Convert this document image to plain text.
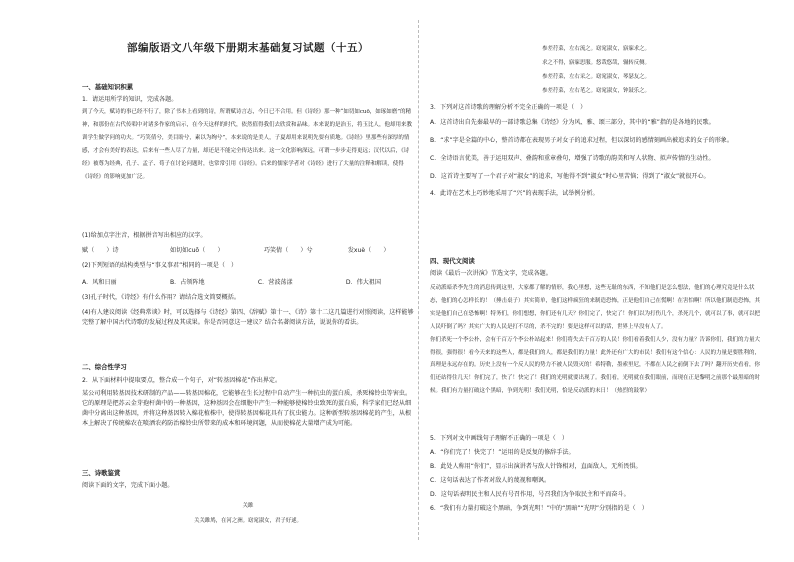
部编版语文八年级下册期末基础复习试题（十五）
一、基础知识积累
1．请运用所学的知识，完成各题。
到了今天，赋诗的事已经不行了，除了书本上看到的诗，所谓赋诗言志，今日已不合用。但《诗经》那一种“如切如cuō，如琢如磨”的精神，和那份在古代传唱中对诸多作家的启示，在今天这样的时代，依然值得我们去欣赏和品味。本来说的是治玉，将玉比人，他却用来教训学生做学问的功夫。“巧笑倩兮，美目盼兮，素以为绚兮”，本来说的是美人，子夏却用来说明先要有质地。《诗经》里那些有深厚的情感，才会有美好的表达，后来有一些人尽了力量，却还是不能完全传达出来。这一文化影响深远，可谓一步步走得更远；汉代以后，《诗经》被尊为经典，孔子、孟子、荀子在讨论问题时，也常常引用《诗经》。后来的儒家学者对《诗经》进行了大量的注释和解读，使得《诗经》的影响更加广泛。
(1)给加点字注音，根据拼音写出相应的汉字。
赋（　　）诗	如切如cuō（　　）	巧笑倩（　　）兮	发xuè（　　）
(2)下列短语的结构类型与“事义事君”相同的一项是（　）
A．风和日丽	B．占领阵地	C．营波荡漾	D．伟大祖国
(3)孔子时代，《诗经》有什么作用？请结合选文简要概括。
(4)有人建议阅读《经典常谈》时，可以选择与《诗经》第四、《辞赋》第十一、《诗》第十二这几篇进行对照阅读，这样能够完整了解中国古代诗歌的发展过程及其成果。你是否同意这一建议？结合名著阅读方法，说说你的看法。
二、综合性学习
2．从下面材料中提取要点，整合成一个句子，对“转基因棉花”作出界定。
某公司利用转基因技术研制的产品——转基因棉花，它能够在生长过程中自动产生一种抗虫的蛋白质，杀死棉铃虫等害虫。它的原理是把苏云金芽孢杆菌中的一种基因，这种基因会在细胞中产生一种能够使棉铃虫致死的蛋白质，科学家们已经从细菌中分离出这种基因，并将这种基因转入棉花植株中，使得转基因棉花具有了抗虫能力。这种新型转基因棉花的产生，从根本上解决了传统棉农在喷洒农药防治棉铃虫所带来的成本和环境问题，从而使棉花大量增产成为可能。
三、诗歌鉴赏
阅读下面的文字，完成下面小题。
关雎
关关雎鸠，在河之洲。窈窕淑女，君子好逑。
参差荇菜，左右流之。窈窕淑女，寤寐求之。
求之不得，寤寐思服。悠哉悠哉，辗转反侧。
参差荇菜，左右采之。窈窕淑女，琴瑟友之。
参差荇菜，左右芼之。窈窕淑女，钟鼓乐之。
3．下列对这首诗歌的理解分析不完全正确的一项是（　）
A．这首诗出自先秦最早的一部诗歌总集《诗经》分为风、雅、颂三部分，其中的“雅”指的是各地的民歌。
B．“求”字是全篇的中心，整首诗都在表现男子对女子的追求过程，但以深切的感情刻画出被追求的女子的形象。
C．全诗语言优美，善于运用双声、叠韵和重章叠句，增强了诗歌的韵美和写人状物、拟声传情的生动性。
D．这首诗主要写了一个君子对“淑女”的追求，写他得不到“淑女”时心里苦恼；得到了“淑女”就很开心。
4．此诗在艺术上巧妙地采用了“兴”的表现手法，试举例分析。
四、现代文阅读
阅读《最后一次讲演》节选文字，完成各题。
反动派暗杀李先生的消息传到这里，大家都了解的情形，我心里想，这些无耻的东西，不知他们是怎么想法，他们的心理究竟是什么状态，他们的心怎样长的！（捶击桌子）其实简单，他们这样疯狂的来制造恐怖，正是他们自己在慌啊！在害怕啊！所以他们制造恐怖，其实是他们自己在恐怖啊！特务们，你们想想，你们还有几天？你们完了，快完了！你们以为打伤几个，杀死几个，就可以了事，就可以把人民吓倒了吗？其实广大的人民是打不尽的，杀不完的！要是这样可以的话，世界上早没有人了。
你们杀死一个李公朴，会有千百万个李公朴站起来！你们将失去千百万的人民！你们看着我们人少，没有力量？告诉你们，我们的力量大得很，强得很！看今天来的这些人，都是我们的人，都是我们的力量！此外还有广大的市民！我们有这个信心：人民的力量是要胜利的，真理是永远存在的。历史上没有一个反人民的势力不被人民毁灭的！希特勒，墨索里尼，不都在人民之前倒下去了吗？翻开历史看看，你们还站得住几天！你们完了，快了！快完了！我们的光明就要出现了。我们看，光明就在我们眼前，而现在正是黎明之前那个最黑暗的时候。我们有力量打破这个黑暗，争到光明！我们光明，恰是反动派的末日！（热烈的鼓掌）
5．下列对文中画线句子理解不正确的一项是（　）
A．“你们完了！快完了！”运用的是反复的修辞手法。
B．此处人称用“你们”，显示出演讲者与敌人针锋相对，直面敌人，无所畏惧。
C．这句话表达了作者对敌人的蔑视和嘲讽。
D．这句话表明民主和人民有号召作用，号召我们为争取民主和平而奋斗。
6．“我们有力量打破这个黑暗，争到光明！”中的“黑暗”“光明”分别指的是（　）
